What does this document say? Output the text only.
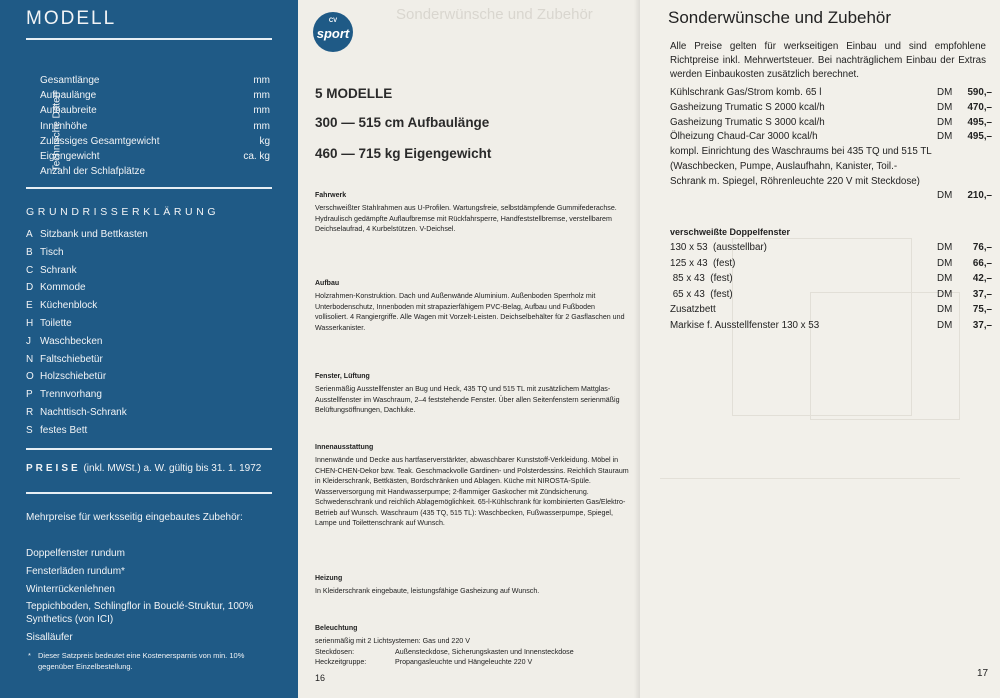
MODELL
Technische Daten
Gesamtlänge	mm
Aufbaulänge	mm
Aufbaubreite	mm
Innenhöhe	mm
Zulässiges Gesamtgewicht	kg
Eigengewicht	ca. kg
Anzahl der Schlafplätze
GRUNDRISSERKLÄRUNG
A Sitzbank und Bettkasten
B Tisch
C Schrank
D Kommode
E Küchenblock
H Toilette
J Waschbecken
N Faltschiebetür
O Holzschiebetür
P Trennvorhang
R Nachttisch-Schrank
S festes Bett
PREISE (inkl. MWSt.) a. W. gültig bis 31. 1. 1972
Mehrpreise für werksseitig eingebautes Zubehör:
Doppelfenster rundum
Fensterläden rundum*
Winterrückenlehnen
Teppichboden, Schlingflor in Bouclé-Struktur, 100% Synthetics (von ICI)
Sisalläufer
* Dieser Satzpreis bedeutet eine Kostenersparnis von min. 10% gegenüber Einzelbestellung.
Sonderwünsche und Zubehör
CV
sport
5 MODELLE
300 — 515 cm Aufbaulänge
460 — 715 kg Eigengewicht
Fahrwerk

Verschweißter Stahlrahmen aus U-Profilen. Wartungsfreie, selbstdämpfende Gummifederachse. Hydraulisch gedämpfte Auflaufbremse mit Rückfahrsperre, Handfeststellbremse, verstellbarem Deichselaufrad, 4 Kurbelstützen. V-Deichsel.

Aufbau

Holzrahmen-Konstruktion. Dach und Außenwände Aluminium. Außenboden Sperrholz mit Unterbodenschutz, Innenboden mit strapazierfähigem PVC-Belag, Aufbau und Fußboden vollisoliert. 4 Rangiergriffe. Alle Wagen mit Vorzelt-Leisten. Deichselbehälter für 2 Gasflaschen und Wasserkanister.

Fenster, Lüftung

Serienmäßig Ausstellfenster an Bug und Heck, 435 TQ und 515 TL mit zusätzlichem Mattglas-Ausstellfenster im Waschraum, 2–4 feststehende Fenster. Über allen Seitenfenstern serienmäßig Belüftungsöffnungen, Dachluke.

Innenausstattung

Innenwände und Decke aus hartfaserverstärkter, abwaschbarer Kunststoff-Verkleidung. Möbel in CHEN-CHEN-Dekor bzw. Teak. Geschmackvolle Gardinen- und Polsterdessins. Reichlich Stauraum in Kleiderschrank, Bettkästen, Bordschränken und Ablagen. Küche mit NIROSTA-Spüle. Wasserversorgung mit Handwasserpumpe; 2-flammiger Gaskocher mit Zündsicherung. Schwedenschrank und reichlich Ablagemöglichkeit. 65-l-Kühlschrank für kombinierten Gas/Elektro-Betrieb auf Wunsch. Waschraum (435 TQ, 515 TL): Waschbecken, Fußwasserpumpe, Spiegel, Lampe und Toilettenschrank auf Wunsch.

Heizung

In Kleiderschrank eingebaute, leistungsfähige Gasheizung auf Wunsch.

Beleuchtung

serienmäßig mit 2 Lichtsystemen: Gas und 220 V

Steckdosen:	Außensteckdose, Sicherungskasten und Innensteckdose
Heckzeitgruppe:	Propangasleuchte und Hängeleuchte 220 V
16
Sonderwünsche und Zubehör
Alle Preise gelten für werkseitigen Einbau und sind empfohlene Richtpreise inkl. Mehrwertsteuer. Bei nachträglichem Einbau der Extras werden Einbaukosten zusätzlich berechnet.
Kühlschrank Gas/Strom komb. 65 l	DM 590,–
Gasheizung Trumatic S 2000 kcal/h	DM 470,–
Gasheizung Trumatic S 3000 kcal/h	DM 495,–
Ölheizung Chaud-Car 3000 kcal/h	DM 495,–
kompl. Einrichtung des Waschraums bei 435 TQ und 515 TL (Waschbecken, Pumpe, Auslaufhahn, Kanister, Toil.-Schrank m. Spiegel, Röhrenleuchte 220 V mit Steckdose)
DM 210,–
verschweißte Doppelfenster
130 x 53  (ausstellbar)	DM 76,–
125 x 43  (fest)	DM 66,–
85 x 43  (fest)	DM 42,–
65 x 43  (fest)	DM 37,–
Zusatzbett	DM 75,–
Markise f. Ausstellfenster 130 x 53	DM 37,–
17
